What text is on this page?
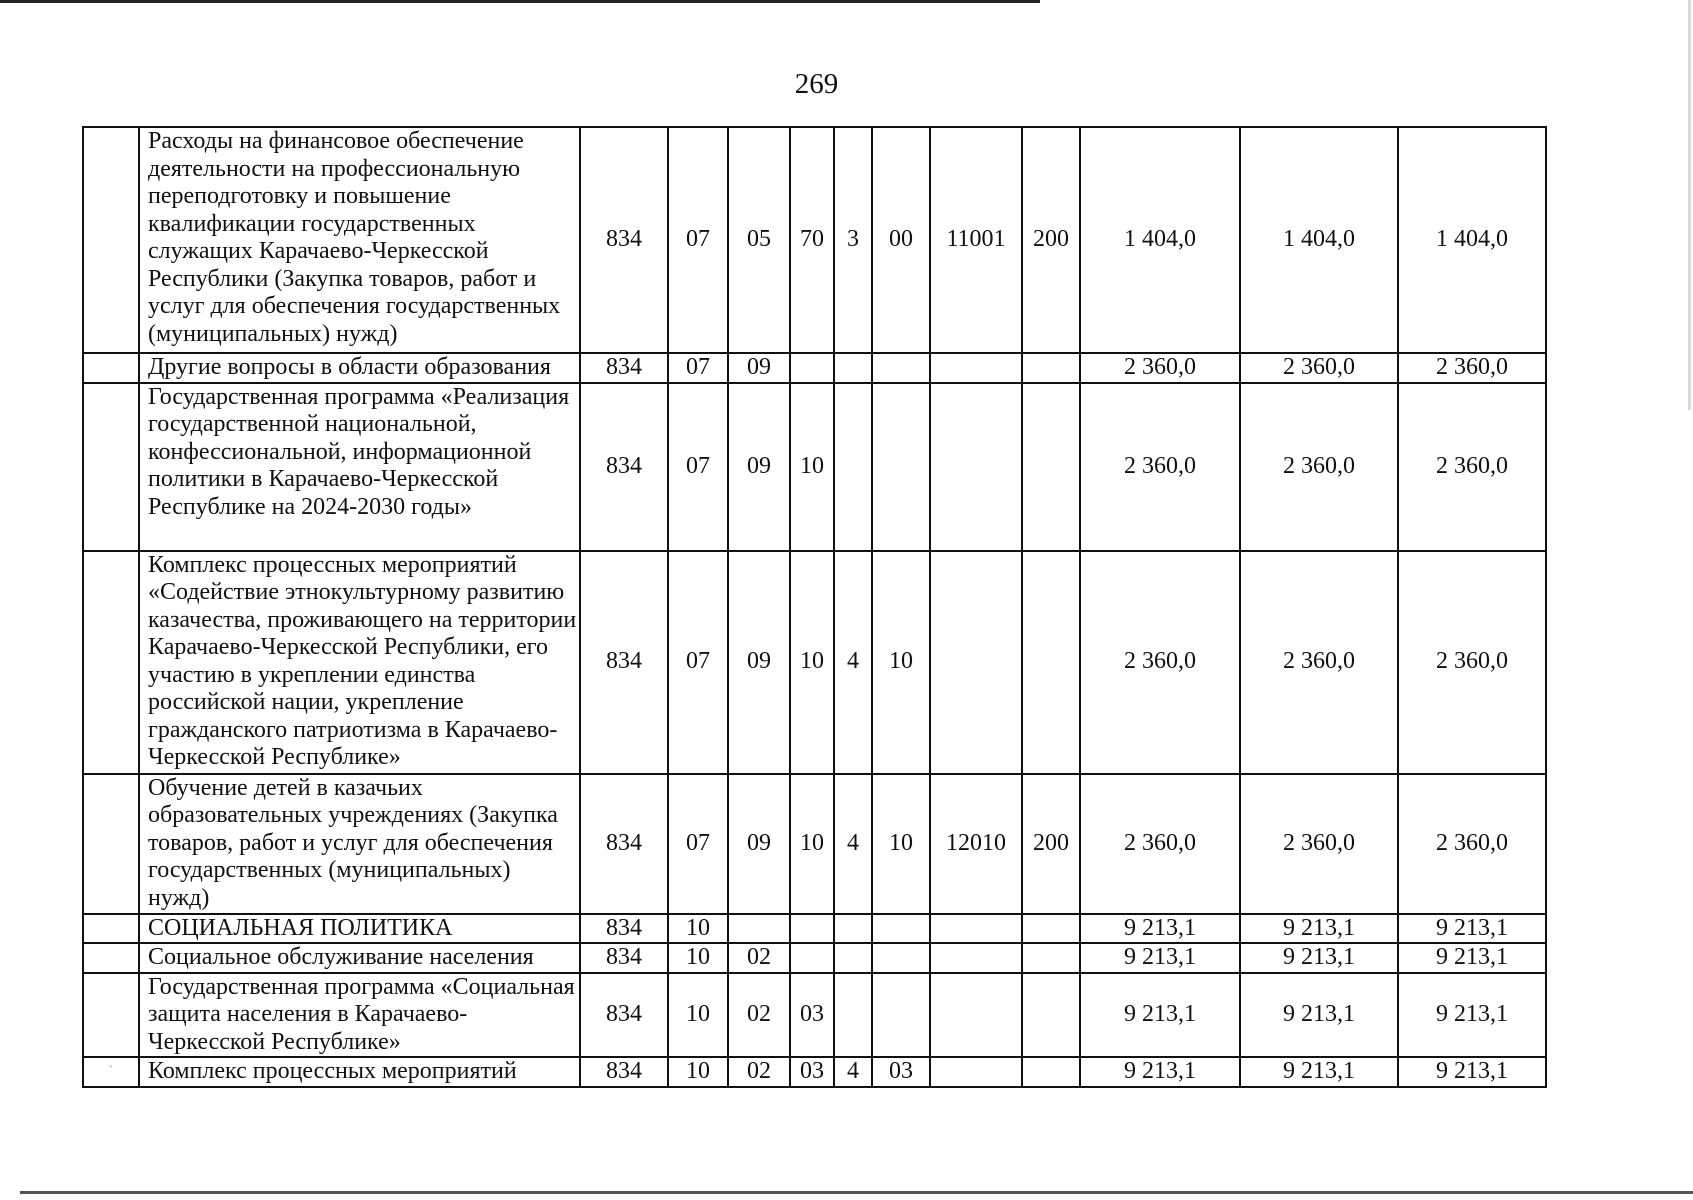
269
	Расходы на финансовое обеспечение деятельности на профессиональную переподготовку и повышение квалификации государственных служащих Карачаево-Черкесской Республики (Закупка товаров, работ и услуг для обеспечения государственных (муниципальных) нужд)	834	07	05	70	3	00	11001	200	1 404,0	1 404,0	1 404,0
	Другие вопросы в области образования	834	07	09						2 360,0	2 360,0	2 360,0
	Государственная программа «Реализация государственной национальной, конфессиональной, информационной политики в Карачаево-Черкесской Республике на 2024-2030 годы»	834	07	09	10					2 360,0	2 360,0	2 360,0
	Комплекс процессных мероприятий «Содействие этнокультурному развитию казачества, проживающего на территории Карачаево-Черкесской Республики, его участию в укреплении единства российской нации, укрепление гражданского патриотизма в Карачаево-Черкесской Республике»	834	07	09	10	4	10			2 360,0	2 360,0	2 360,0
	Обучение детей в казачьих образовательных учреждениях (Закупка товаров, работ и услуг для обеспечения государственных (муниципальных) нужд)	834	07	09	10	4	10	12010	200	2 360,0	2 360,0	2 360,0
	СОЦИАЛЬНАЯ ПОЛИТИКА	834	10							9 213,1	9 213,1	9 213,1
	Социальное обслуживание населения	834	10	02						9 213,1	9 213,1	9 213,1
	Государственная программа «Социальная защита населения в Карачаево-Черкесской Республике»	834	10	02	03					9 213,1	9 213,1	9 213,1
`	Комплекс процессных мероприятий	834	10	02	03	4	03			9 213,1	9 213,1	9 213,1
